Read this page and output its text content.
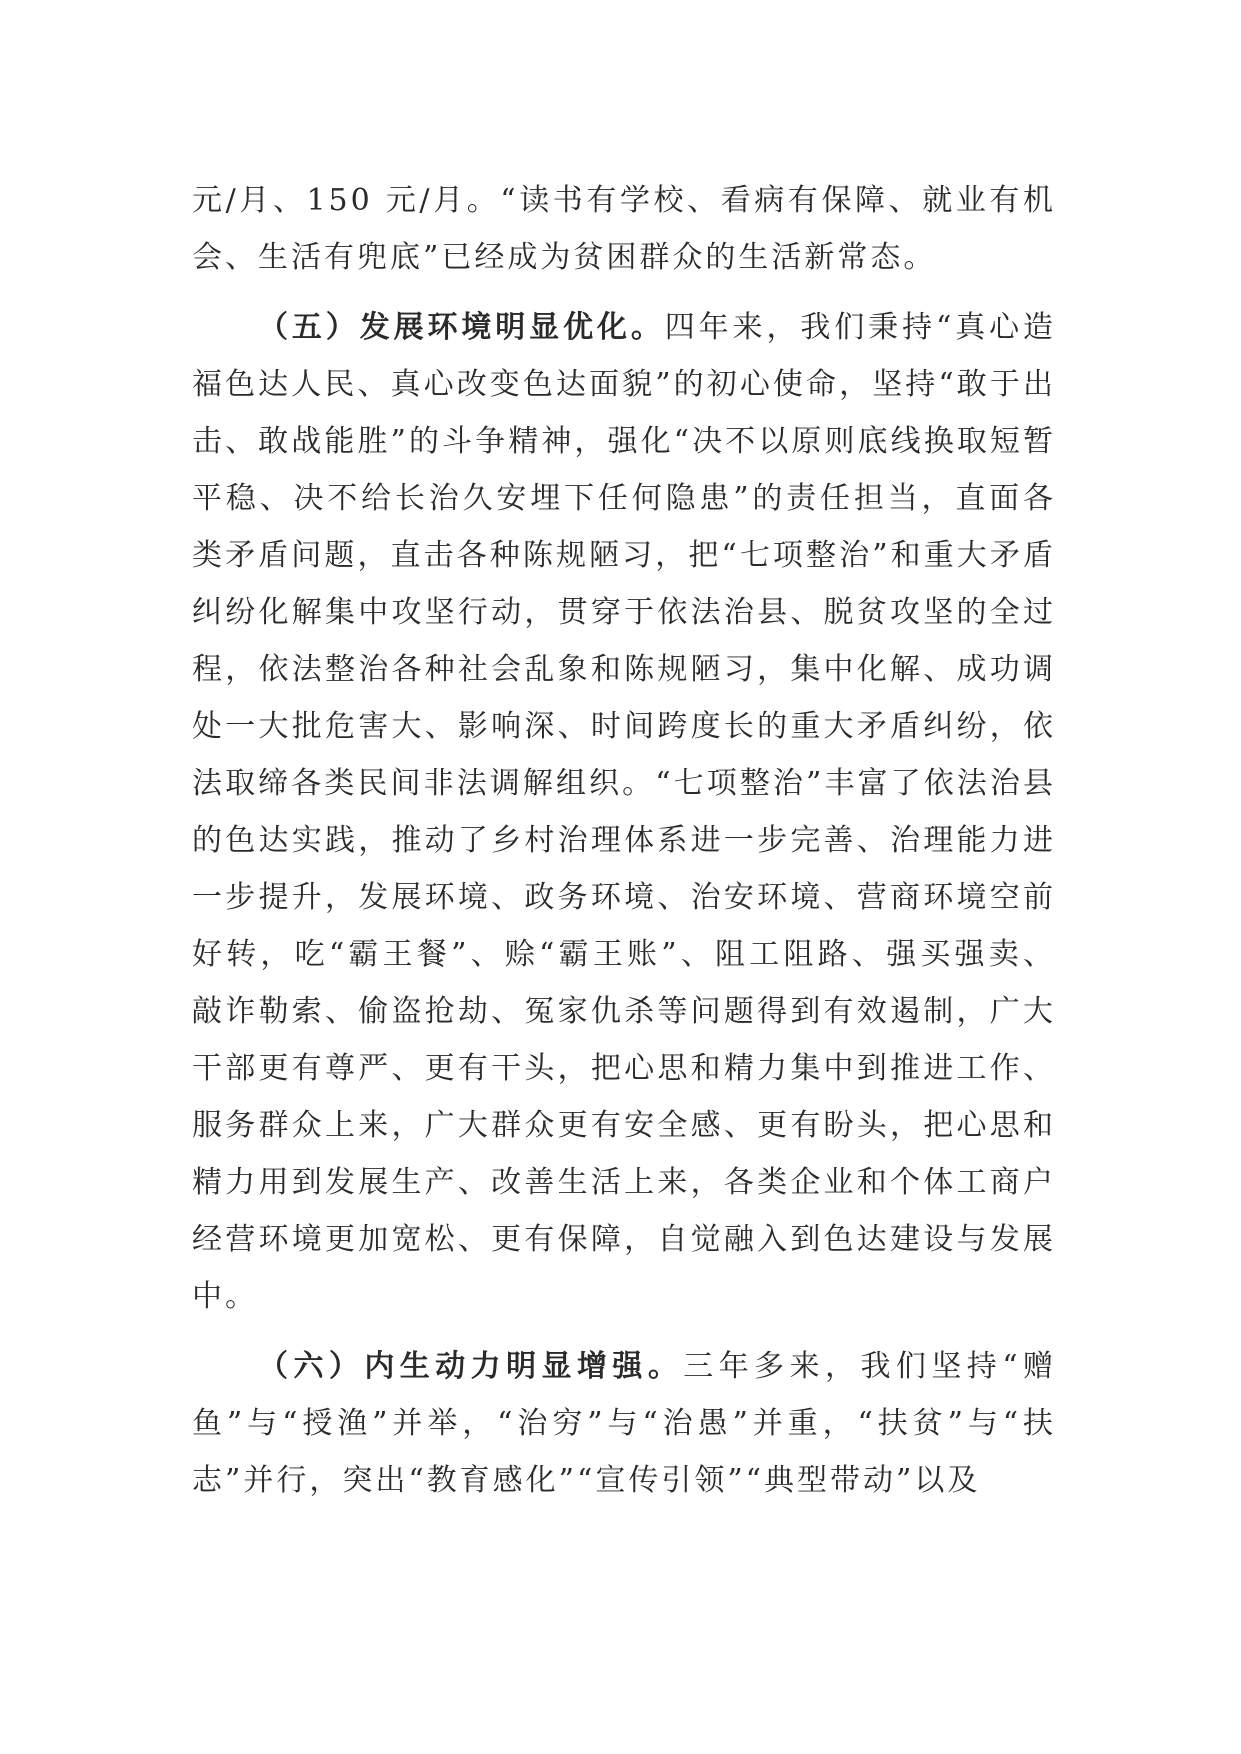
元/月、150 元/月。“读书有学校、看病有保障、就业有机会、生活有兜底”已经成为贫困群众的生活新常态。

（五）发展环境明显优化。四年来，我们秉持“真心造福色达人民、真心改变色达面貌”的初心使命，坚持“敢于出击、敢战能胜”的斗争精神，强化“决不以原则底线换取短暂平稳、决不给长治久安埋下任何隐患”的责任担当，直面各类矛盾问题，直击各种陈规陋习，把“七项整治”和重大矛盾纠纷化解集中攻坚行动，贯穿于依法治县、脱贫攻坚的全过程，依法整治各种社会乱象和陈规陋习，集中化解、成功调处一大批危害大、影响深、时间跨度长的重大矛盾纠纷，依法取缔各类民间非法调解组织。“七项整治”丰富了依法治县的色达实践，推动了乡村治理体系进一步完善、治理能力进一步提升，发展环境、政务环境、治安环境、营商环境空前好转，吃“霸王餐”、赊“霸王账”、阻工阻路、强买强卖、敲诈勒索、偷盗抢劫、冤家仇杀等问题得到有效遏制，广大干部更有尊严、更有干头，把心思和精力集中到推进工作、服务群众上来，广大群众更有安全感、更有盼头，把心思和精力用到发展生产、改善生活上来，各类企业和个体工商户经营环境更加宽松、更有保障，自觉融入到色达建设与发展中。

（六）内生动力明显增强。三年多来，我们坚持“赠鱼”与“授渔”并举，“治穷”与“治愚”并重，“扶贫”与“扶志”并行，突出“教育感化”“宣传引领”“典型带动”以及
